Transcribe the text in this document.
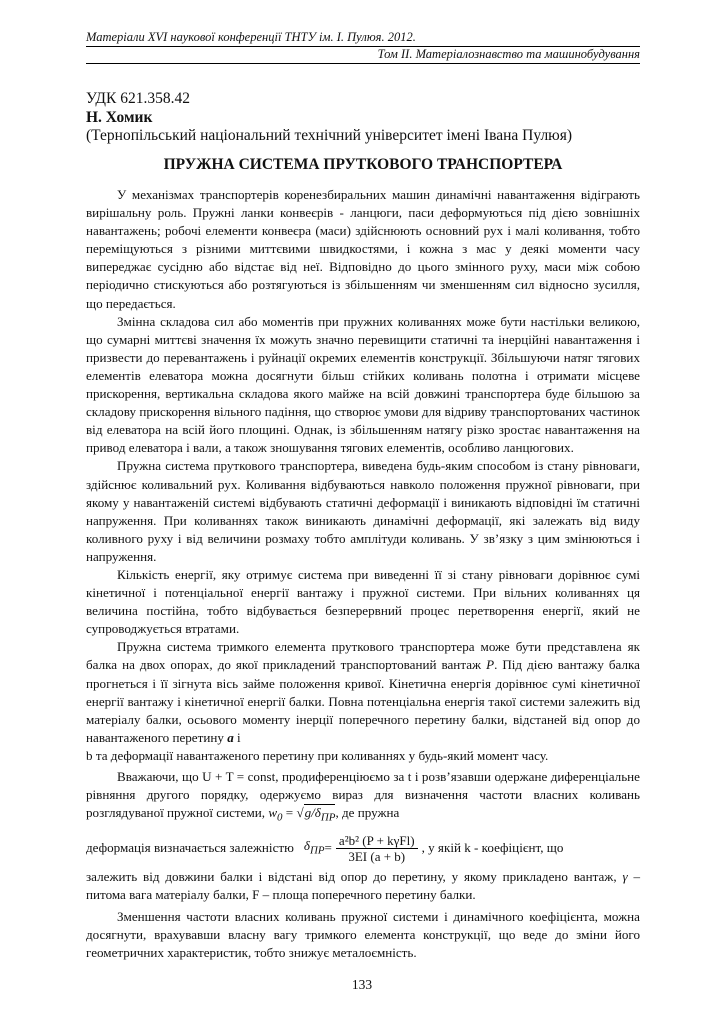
Матеріали XVI наукової конференції ТНТУ ім. І. Пулюя. 2012.
Том II. Матеріалознавство та машинобудування
УДК 621.358.42
Н. Хомик
(Тернопільський національний технічний університет імені Івана Пулюя)
ПРУЖНА СИСТЕМА ПРУТКОВОГО ТРАНСПОРТЕРА

У механізмах транспортерів коренезбиральних машин динамічні навантаження відіграють вирішальну роль. Пружні ланки конвеєрів - ланцюги, паси деформуються під дією зовнішніх навантажень; робочі елементи конвеєра (маси) здійснюють основний рух і малі коливання, тобто переміщуються з різними миттєвими швидкостями, і кожна з мас у деякі моменти часу випереджає сусідню або відстає від неї. Відповідно до цього змінного руху, маси між собою періодично стискуються або розтягуються із збільшенням чи зменшенням сил відносно зусилля, що передається.

Змінна складова сил або моментів при пружних коливаннях може бути настільки великою, що сумарні миттєві значення їх можуть значно перевищити статичні та інерційні навантаження і призвести до перевантажень і руйнації окремих елементів конструкції. Збільшуючи натяг тягових елементів елеватора можна досягнути більш стійких коливань полотна і отримати місцеве прискорення, вертикальна складова якого майже на всій довжині транспортера буде більшою за складову прискорення вільного падіння, що створює умови для відриву транспортованих частинок від елеватора на всій його площині. Однак, із збільшенням натягу різко зростає навантаження на привод елеватора і вали, а також зношування тягових елементів, особливо ланцюгових.

Пружна система пруткового транспортера, виведена будь-яким способом із стану рівноваги, здійснює коливальний рух. Коливання відбуваються навколо положення пружної рівноваги, при якому у навантаженій системі відбувають статичні деформації і виникають відповідні їм статичні напруження. При коливаннях також виникають динамічні деформації, які залежать від виду коливного руху і від величини розмаху тобто амплітуди коливань. У зв’язку з цим змінюються і напруження.

Кількість енергії, яку отримує система при виведенні її зі стану рівноваги дорівнює сумі кінетичної і потенціальної енергії вантажу і пружної системи. При вільних коливаннях ця величина постійна, тобто відбувається безперервний процес перетворення енергії, який не супроводжується втратами.

Пружна система тримкого елемента пруткового транспортера може бути представлена як балка на двох опорах, до якої прикладений транспортований вантаж P. Під дією вантажу балка прогнеться і її зігнута вісь займе положення кривої. Кінетична енергія дорівнює сумі кінетичної енергії вантажу і кінетичної енергії балки. Повна потенціальна енергія такої системи залежить від матеріалу балки, осьового моменту інерції поперечного перетину балки, відстаней від опор до навантаженого перетину a і

b та деформації навантаженого перетину при коливаннях у будь-який момент часу.

Вважаючи, що U + T = const, продиференціюємо за t і розв’язавши одержане диференціальне рівняння другого порядку, одержуємо вираз для визначення частоти власних коливань розглядуваної пружної системи, $w_0 = √g/\delta_{ПР}$, де пружна

деформація визначається залежністю $\delta_{ПР} = \frac{\text{a²b² (P + kγFl)}}{3EI (a + b)}$ , у якій k - коефіцієнт, що

залежить від довжини балки і відстані від опор до перетину, у якому прикладено вантаж, γ – питома вага матеріалу балки, F – площа поперечного перетину балки.

Зменшення частоти власних коливань пружної системи і динамічного коефіцієнта, можна досягнути, врахувавши власну вагу тримкого елемента конструкції, що веде до зміни його геометричних характеристик, тобто знижує металоємність.

133
